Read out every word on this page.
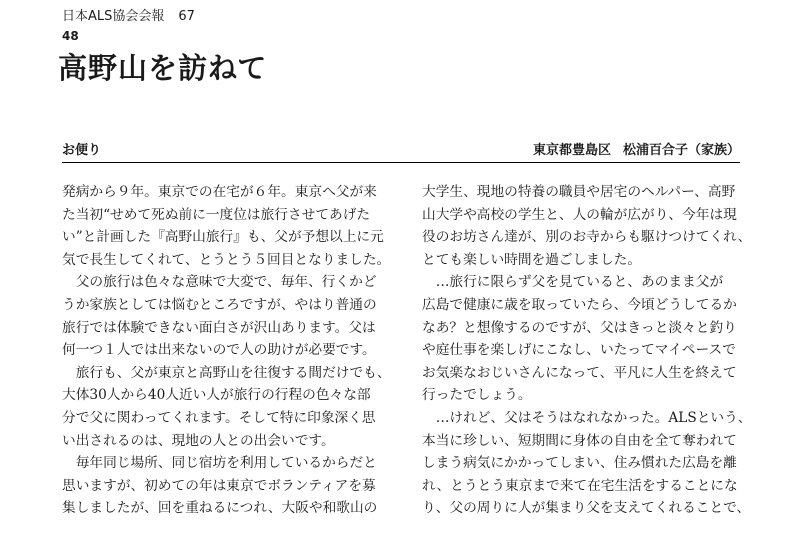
日本ALS協会会報 67
48
高野山を訪ねて
お便り	東京都豊島区 松浦百合子（家族）
発病から９年。東京での在宅が６年。東京へ父が来
た当初“せめて死ぬ前に一度位は旅行させてあげた
い”と計画した『高野山旅行』も、父が予想以上に元
気で長生してくれて、とうとう５回目となりました。
　父の旅行は色々な意味で大変で、毎年、行くかど
うか家族としては悩むところですが、やはり普通の
旅行では体験できない面白さが沢山あります。父は
何一つ１人では出来ないので人の助けが必要です。
　旅行も、父が東京と高野山を往復する間だけでも、
大体30人から40人近い人が旅行の行程の色々な部
分で父に関わってくれます。そして特に印象深く思
い出されるのは、現地の人との出会いです。
　毎年同じ場所、同じ宿坊を利用しているからだと
思いますが、初めての年は東京でボランティアを募
集しましたが、回を重ねるにつれ、大阪や和歌山の
大学生、現地の特養の職員や居宅のヘルパー、高野
山大学や高校の学生と、人の輪が広がり、今年は現
役のお坊さん達が、別のお寺からも駆けつけてくれ、
とても楽しい時間を過ごしました。
　…旅行に限らず父を見ていると、あのまま父が
広島で健康に歳を取っていたら、今頃どうしてるか
なあ？と想像するのですが、父はきっと淡々と釣り
や庭仕事を楽しげにこなし、いたってマイペースで
お気楽なおじいさんになって、平凡に人生を終えて
行ったでしょう。
　…けれど、父はそうはなれなかった。ALSという、
本当に珍しい、短期間に身体の自由を全て奪われて
しまう病気にかかってしまい、住み慣れた広島を離
れ、とうとう東京まで来て在宅生活をすることにな
り、父の周りに人が集まり父を支えてくれることで、
